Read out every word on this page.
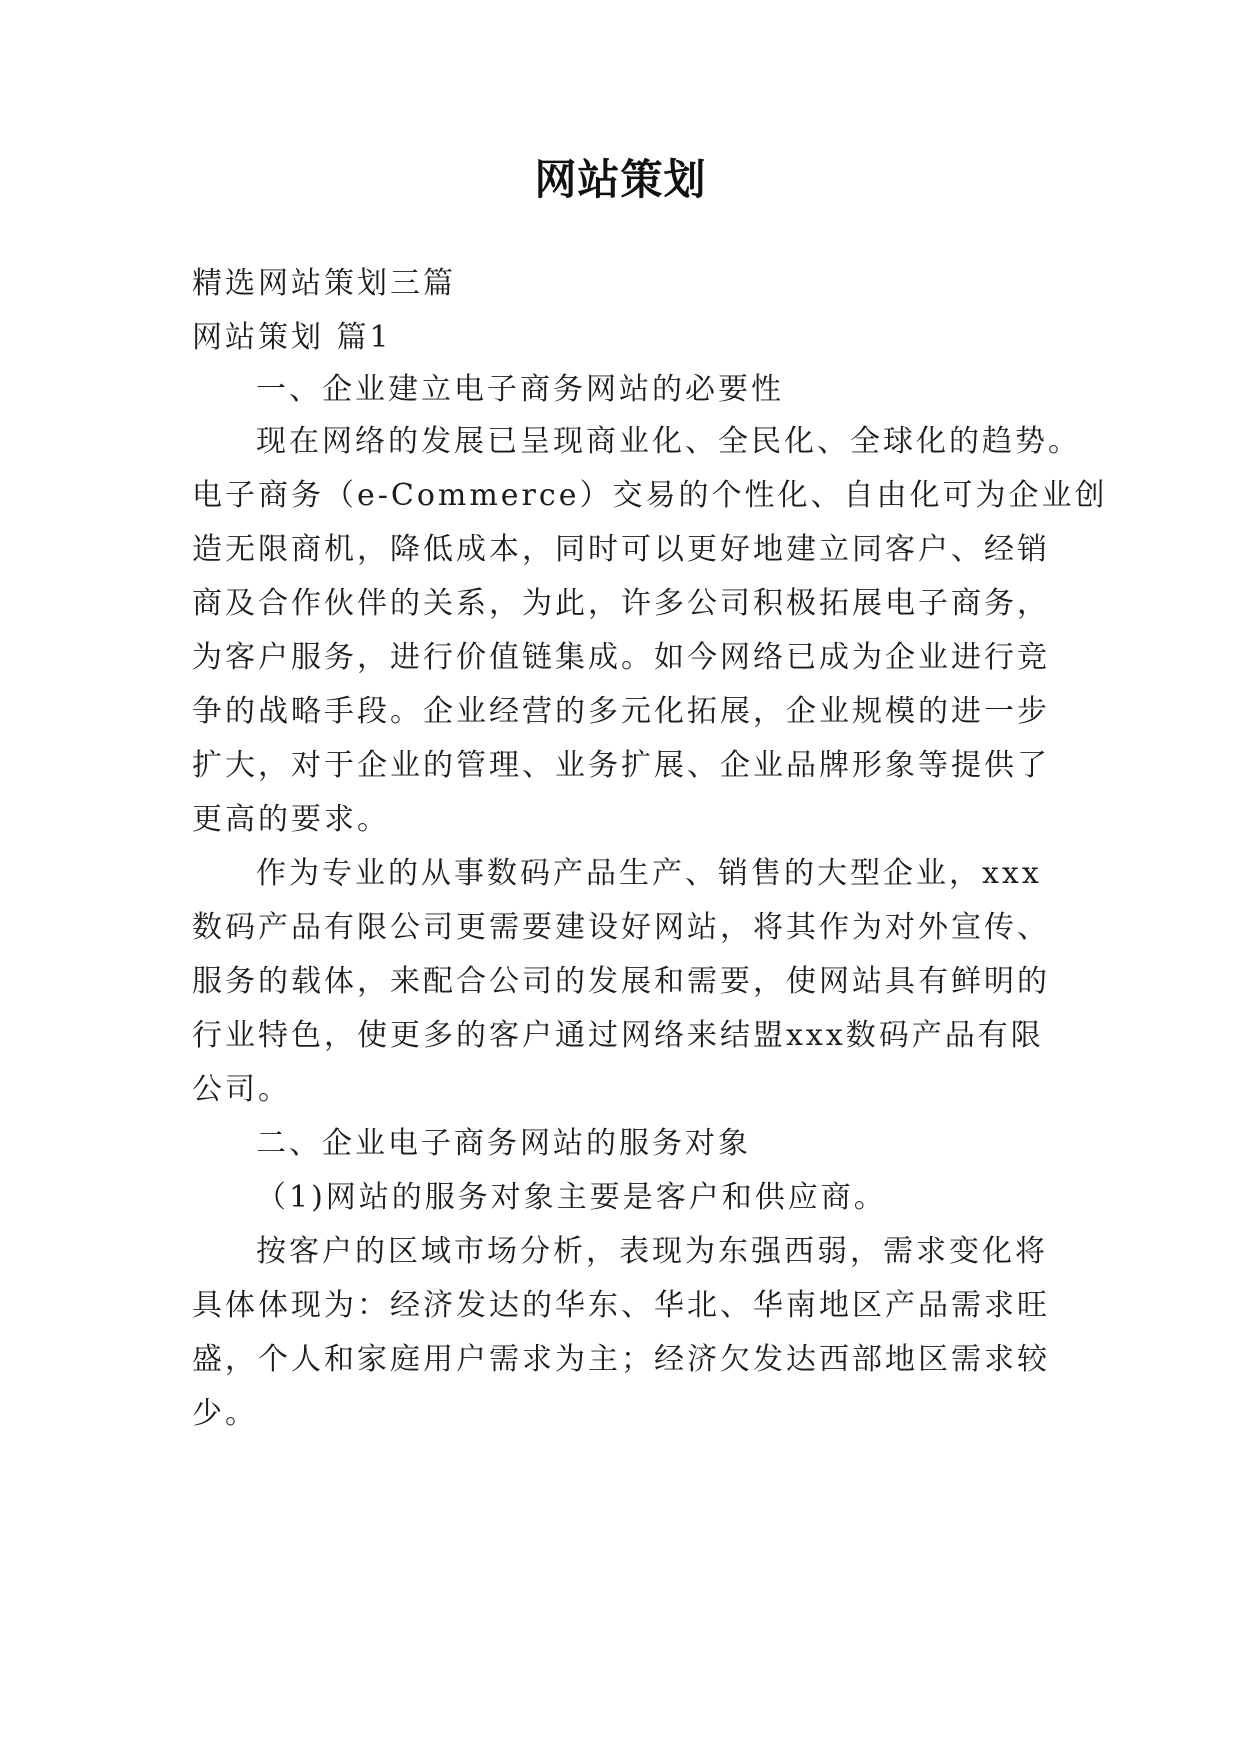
网站策划
精选网站策划三篇
网站策划 篇1
一、企业建立电子商务网站的必要性
现在网络的发展已呈现商业化、全民化、全球化的趋势。
电子商务（e-Commerce）交易的个性化、自由化可为企业创
造无限商机，降低成本，同时可以更好地建立同客户、经销
商及合作伙伴的关系，为此，许多公司积极拓展电子商务，
为客户服务，进行价值链集成。如今网络已成为企业进行竞
争的战略手段。企业经营的多元化拓展，企业规模的进一步
扩大，对于企业的管理、业务扩展、企业品牌形象等提供了
更高的要求。
作为专业的从事数码产品生产、销售的大型企业，xxx
数码产品有限公司更需要建设好网站，将其作为对外宣传、
服务的载体，来配合公司的发展和需要，使网站具有鲜明的
行业特色，使更多的客户通过网络来结盟xxx数码产品有限
公司。
二、企业电子商务网站的服务对象
（1)网站的服务对象主要是客户和供应商。
按客户的区域市场分析，表现为东强西弱，需求变化将
具体体现为：经济发达的华东、华北、华南地区产品需求旺
盛，个人和家庭用户需求为主；经济欠发达西部地区需求较
少。
